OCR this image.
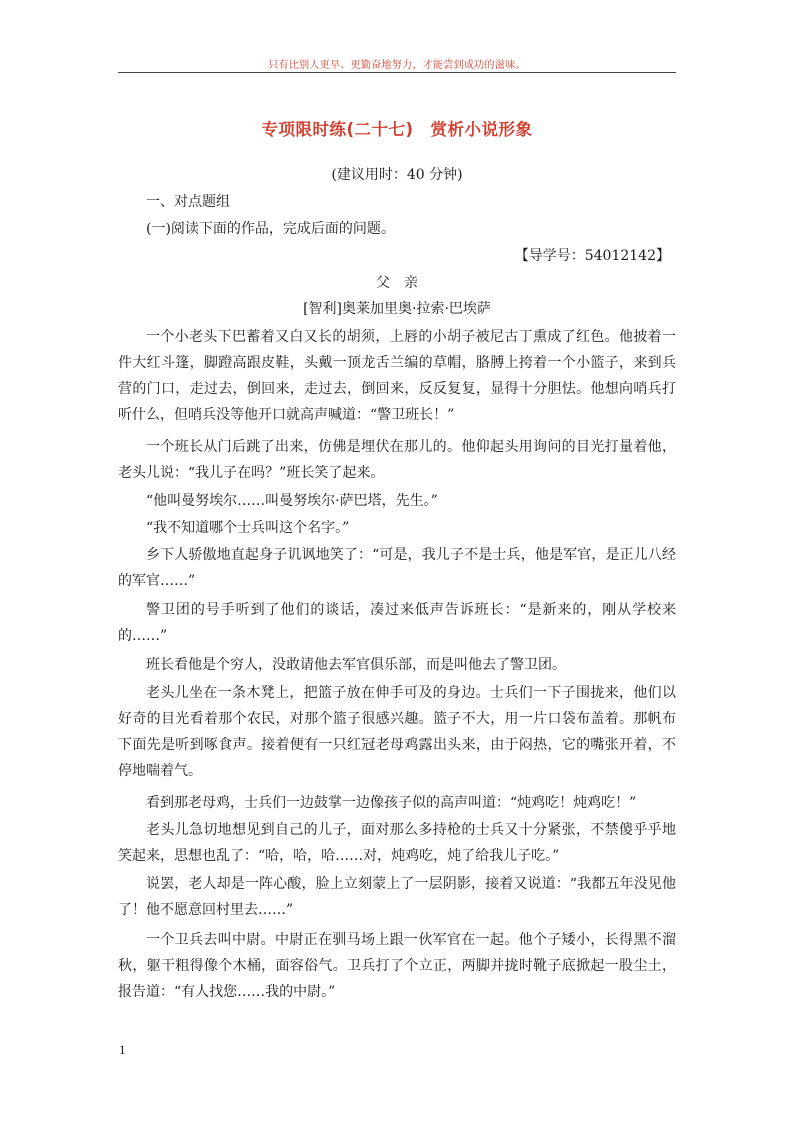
只有比别人更早、更勤奋地努力，才能尝到成功的滋味。
专项限时练(二十七)　赏析小说形象
(建议用时：40 分钟)
一、对点题组
(一)阅读下面的作品，完成后面的问题。
【导学号：54012142】
父　亲
[智利]奥莱加里奥·拉索·巴埃萨
一个小老头下巴蓄着又白又长的胡须，上唇的小胡子被尼古丁熏成了红色。他披着一件大红斗篷，脚蹬高跟皮鞋，头戴一顶龙舌兰编的草帽，胳膊上挎着一个小篮子，来到兵营的门口，走过去，倒回来，走过去，倒回来，反反复复，显得十分胆怯。他想向哨兵打听什么，但哨兵没等他开口就高声喊道：“警卫班长！”
一个班长从门后跳了出来，仿佛是埋伏在那儿的。他仰起头用询问的目光打量着他，老头儿说：“我儿子在吗？”班长笑了起来。
“他叫曼努埃尔……叫曼努埃尔·萨巴塔，先生。”
“我不知道哪个士兵叫这个名字。”
乡下人骄傲地直起身子讥讽地笑了：“可是，我儿子不是士兵，他是军官，是正儿八经的军官……”
警卫团的号手听到了他们的谈话，凑过来低声告诉班长：“是新来的，刚从学校来的……”
班长看他是个穷人，没敢请他去军官俱乐部，而是叫他去了警卫团。
老头儿坐在一条木凳上，把篮子放在伸手可及的身边。士兵们一下子围拢来，他们以好奇的目光看着那个农民，对那个篮子很感兴趣。篮子不大，用一片口袋布盖着。那帆布下面先是听到啄食声。接着便有一只红冠老母鸡露出头来，由于闷热，它的嘴张开着，不停地喘着气。
看到那老母鸡，士兵们一边鼓掌一边像孩子似的高声叫道：“炖鸡吃！炖鸡吃！”
老头儿急切地想见到自己的儿子，面对那么多持枪的士兵又十分紧张，不禁傻乎乎地笑起来，思想也乱了：“哈，哈，哈……对，炖鸡吃，炖了给我儿子吃。”
说罢，老人却是一阵心酸，脸上立刻蒙上了一层阴影，接着又说道：“我都五年没见他了！他不愿意回村里去……”
一个卫兵去叫中尉。中尉正在驯马场上跟一伙军官在一起。他个子矮小，长得黑不溜秋，躯干粗得像个木桶，面容俗气。卫兵打了个立正，两脚并拢时靴子底掀起一股尘土，报告道：“有人找您……我的中尉。”
1
